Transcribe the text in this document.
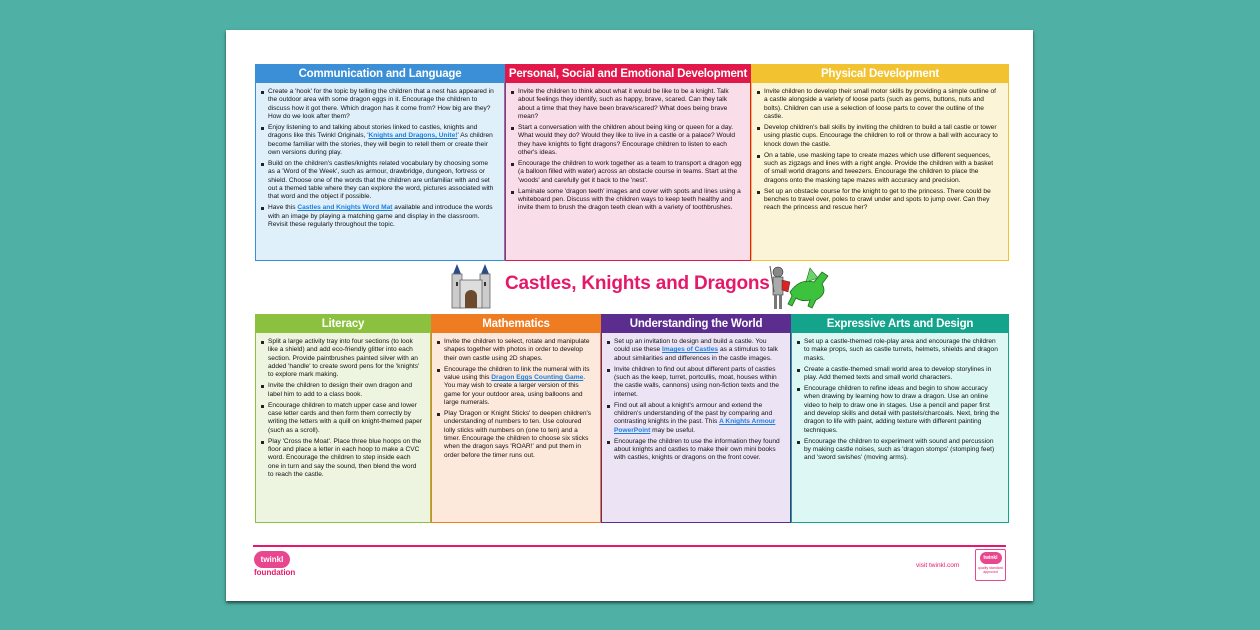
Communication and Language
Create a 'hook' for the topic by telling the children that a nest has appeared in the outdoor area with some dragon eggs in it. Encourage the children to discuss how it got there. Which dragon has it come from? How big are they? How do we look after them?
Enjoy listening to and talking about stories linked to castles, knights and dragons like this Twinkl Originals, 'Knights and Dragons, Unite!' As children become familiar with the stories, they will begin to retell them or create their own versions during play.
Build on the children's castles/knights related vocabulary by choosing some as a 'Word of the Week', such as armour, drawbridge, dungeon, fortress or shield. Choose one of the words that the children are unfamiliar with and set out a themed table where they can explore the word, pictures associated with that word and the object if possible.
Have this Castles and Knights Word Mat available and introduce the words with an image by playing a matching game and display in the classroom. Revisit these regularly throughout the topic.
Personal, Social and Emotional Development
Invite the children to think about what it would be like to be a knight. Talk about feelings they identify, such as happy, brave, scared. Can they talk about a time that they have been brave/scared? What does being brave mean?
Start a conversation with the children about being king or queen for a day. What would they do? Would they like to live in a castle or a palace? Would they have knights to fight dragons? Encourage children to listen to each other's ideas.
Encourage the children to work together as a team to transport a dragon egg (a balloon filled with water) across an obstacle course in teams. Start at the 'woods' and carefully get it back to the 'nest'.
Laminate some 'dragon teeth' images and cover with spots and lines using a whiteboard pen. Discuss with the children ways to keep teeth healthy and invite them to brush the dragon teeth clean with a variety of toothbrushes.
Physical Development
Invite children to develop their small motor skills by providing a simple outline of a castle alongside a variety of loose parts (such as gems, buttons, nuts and bolts). Children can use a selection of loose parts to cover the outline of the castle.
Develop children's ball skills by inviting the children to build a tall castle or tower using plastic cups. Encourage the children to roll or throw a ball with accuracy to knock down the castle.
On a table, use masking tape to create mazes which use different sequences, such as zigzags and lines with a right angle. Provide the children with a basket of small world dragons and tweezers. Encourage the children to place the dragons onto the masking tape mazes with accuracy and precision.
Set up an obstacle course for the knight to get to the princess. There could be benches to travel over, poles to crawl under and spots to jump over. Can they reach the princess and rescue her?
Literacy
Split a large activity tray into four sections (to look like a shield) and add eco-friendly glitter into each section. Provide paintbrushes painted silver with an added 'handle' to create sword pens for the 'knights' to explore mark making.
Invite the children to design their own dragon and label him to add to a class book.
Encourage children to match upper case and lower case letter cards and then form them correctly by writing the letters with a quill on knight-themed paper (such as a scroll).
Play 'Cross the Moat'. Place three blue hoops on the floor and place a letter in each hoop to make a CVC word. Encourage the children to step inside each one in turn and say the sound, then blend the word to reach the castle.
Mathematics
Invite the children to select, rotate and manipulate shapes together with photos in order to develop their own castle using 2D shapes.
Encourage the children to link the numeral with its value using this Dragon Eggs Counting Game. You may wish to create a larger version of this game for your outdoor area, using balloons and large numerals.
Play 'Dragon or Knight Sticks' to deepen children's understanding of numbers to ten. Use coloured lolly sticks with numbers on (one to ten) and a timer. Encourage the children to choose six sticks when the dragon says 'ROAR!' and put them in order before the timer runs out.
Understanding the World
Set up an invitation to design and build a castle. You could use these Images of Castles as a stimulus to talk about similarities and differences in the castle images.
Invite children to find out about different parts of castles (such as the keep, turret, portcullis, moat, houses within the castle walls, cannons) using non-fiction texts and the internet.
Find out all about a knight's armour and extend the children's understanding of the past by comparing and contrasting knights in the past. This A Knights Armour PowerPoint may be useful.
Encourage the children to use the information they found about knights and castles to make their own mini books with castles, knights or dragons on the front cover.
Expressive Arts and Design
Set up a castle-themed role-play area and encourage the children to make props, such as castle turrets, helmets, shields and dragon masks.
Create a castle-themed small world area to develop storylines in play. Add themed texts and small world characters.
Encourage children to refine ideas and begin to show accuracy when drawing by learning how to draw a dragon. Use an online video to help to draw one in stages. Use a pencil and paper first and develop skills and detail with pastels/charcoals. Next, bring the dragon to life with paint, adding texture with different painting techniques.
Encourage the children to experiment with sound and percussion by making castle noises, such as 'dragon stomps' (stomping feet) and 'sword swishes' (moving arms).
Castles, Knights and Dragons
twinkl
foundation
visit twinkl.com
twinkl
quality standard approved
